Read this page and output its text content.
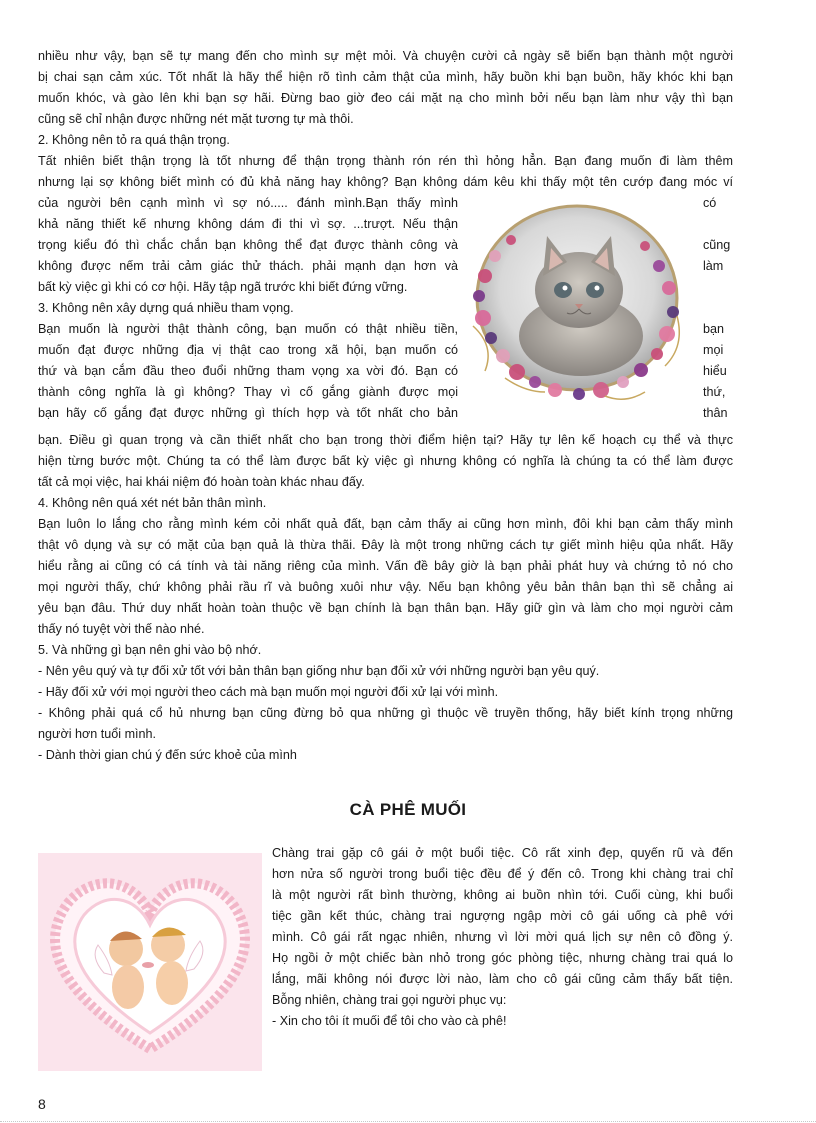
nhiều như vậy, bạn sẽ tự mang đến cho mình sự mệt mỏi. Và chuyện cười cả ngày sẽ biến bạn thành một người
bị chai sạn cảm xúc. Tốt nhất là hãy thể hiện rõ tình cảm thật của mình, hãy buồn khi bạn buồn, hãy khóc khi bạn
muốn khóc, và gào lên khi bạn sợ hãi. Đừng bao giờ đeo cái mặt nạ cho mình bởi nếu bạn làm như vậy thì bạn
cũng sẽ chỉ nhận được những nét mặt tương tự mà thôi.
2. Không nên tỏ ra quá thận trọng.
Tất nhiên biết thận trọng là tốt nhưng để thận trọng thành rón rén thì hỏng hẳn. Bạn đang muốn đi làm thêm
nhưng lại sợ không biết mình có đủ khả năng hay không? Bạn không dám kêu khi thấy một tên cướp đang móc ví
của người bên cạnh mình vì sợ nó..... đánh mình.Bạn thấy mình	có
khả năng thiết kế nhưng không dám đi thi vì sợ. ...trượt. Nếu thận
trọng kiểu đó thì chắc chắn bạn không thể đạt được thành công và	cũng
không được nếm trải cảm giác thử thách. phải mạnh dạn hơn và	làm
bất kỳ việc gì khi có cơ hội. Hãy tập ngã trước khi biết đứng vững.
3. Không nên xây dựng quá nhiều tham vọng.
Bạn muốn là người thật thành công, bạn muốn có thật nhiều tiền,	bạn
muốn đạt được những địa vị thật cao trong xã hội, bạn muốn có	mọi
thứ và bạn cắm đầu theo đuổi những tham vọng xa vời đó. Bạn có	hiểu
thành công nghĩa là gì không? Thay vì cố gắng giành được mọi	thứ,
bạn hãy cố gắng đạt được những gì thích hợp và tốt nhất cho bản	thân
bạn. Điều gì quan trọng và cần thiết nhất cho bạn trong thời điểm hiện tại? Hãy tự lên kế hoạch cụ thể và thực
hiện từng bước một. Chúng ta có thể làm được bất kỳ việc gì nhưng không có nghĩa là chúng ta có thể làm được
tất cả mọi việc, hai khái niệm đó hoàn toàn khác nhau đấy.
4. Không nên quá xét nét bản thân mình.
Bạn luôn lo lắng cho rằng mình kém cỏi nhất quả đất, bạn cảm thấy ai cũng hơn mình, đôi khi bạn cảm thấy mình
thật vô dụng và sự có mặt của bạn quả là thừa thãi. Đây là một trong những cách tự giết mình hiệu qủa nhất. Hãy
hiểu rằng ai cũng có cá tính và tài năng riêng của mình. Vấn đề bây giờ là bạn phải phát huy và chứng tỏ nó cho
mọi người thấy, chứ không phải rầu rĩ và buông xuôi như vậy. Nếu bạn không yêu bản thân bạn thì sẽ chẳng ai
yêu bạn đâu. Thứ duy nhất hoàn toàn thuộc về bạn chính là bạn thân bạn. Hãy giữ gìn và làm cho mọi người cảm
thấy nó tuyệt vời thế nào nhé.
5. Và những gì bạn nên ghi vào bộ nhớ.
- Nên yêu quý và tự đối xử tốt với bản thân bạn giống như bạn đối xử với những người bạn yêu quý.
- Hãy đối xử với mọi người theo cách mà bạn muốn mọi người đối xử lại với mình.
- Không phải quá cổ hủ nhưng bạn cũng đừng bỏ qua những gì thuộc về truyền thống, hãy biết kính trọng những
người hơn tuổi mình.
- Dành thời gian chú ý đến sức khoẻ của mình
CÀ PHÊ MUỐI
Chàng trai gặp cô gái ở một buổi tiệc. Cô rất xinh đẹp, quyến rũ và đến
hơn nửa số người trong buổi tiệc đều để ý đến cô. Trong khi chàng trai chỉ
là một người rất bình thường, không ai buồn nhìn tới. Cuối cùng, khi buổi
tiệc gần kết thúc, chàng trai ngượng ngập mời cô gái uống cà phê với
mình. Cô gái rất ngạc nhiên, nhưng vì lời mời quá lịch sự nên cô đồng ý.
Họ ngồi ở một chiếc bàn nhỏ trong góc phòng tiệc, nhưng chàng trai quá lo
lắng, mãi không nói được lời nào, làm cho cô gái cũng cảm thấy bất tiện.
Bỗng nhiên, chàng trai gọi người phục vụ:
- Xin cho tôi ít muối để tôi cho vào cà phê!
8
